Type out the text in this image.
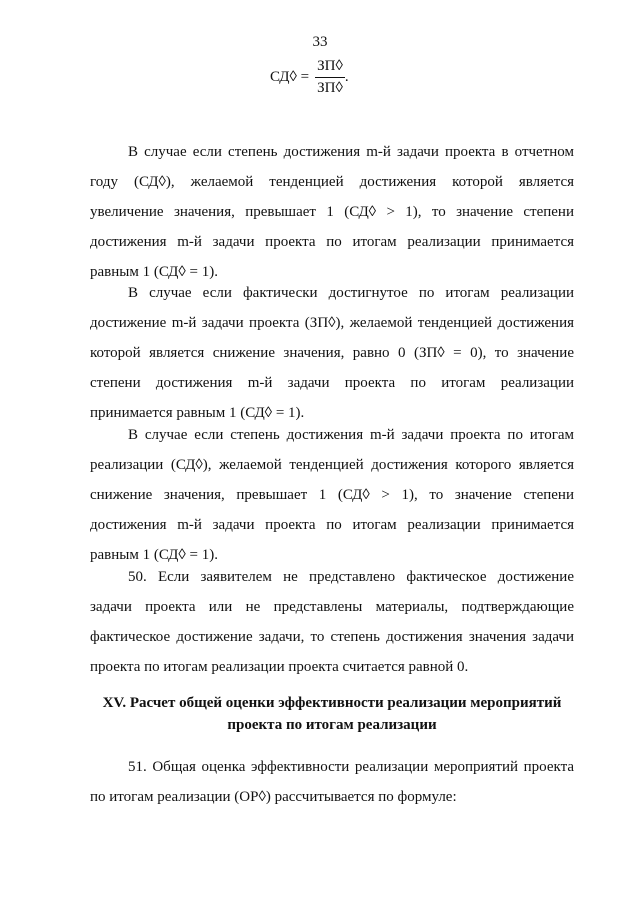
33
СД◊ = $\frac{ЗП◊}{ЗП◊}$ .

В случае если степень достижения m-й задачи проекта в отчетном году (СД◊), желаемой тенденцией достижения которой является увеличение значения, превышает 1 (СД◊ > 1), то значение степени достижения m-й задачи проекта по итогам реализации принимается равным 1 (СД◊ = 1).

В случае если фактически достигнутое по итогам реализации достижение m-й задачи проекта (ЗП◊), желаемой тенденцией достижения которой является снижение значения, равно 0 (ЗП◊ = 0), то значение степени достижения m-й задачи проекта по итогам реализации принимается равным 1 (СД◊ = 1).

В случае если степень достижения m-й задачи проекта по итогам реализации (СД◊), желаемой тенденцией достижения которого является снижение значения, превышает 1 (СД◊ > 1), то значение степени достижения m-й задачи проекта по итогам реализации принимается равным 1 (СД◊ = 1).

50. Если заявителем не представлено фактическое достижение задачи проекта или не представлены материалы, подтверждающие фактическое достижение задачи, то степень достижения значения задачи проекта по итогам реализации проекта считается равной 0.

XV. Расчет общей оценки эффективности реализации мероприятий
проекта по итогам реализации

51. Общая оценка эффективности реализации мероприятий проекта по итогам реализации (ОР◊) рассчитывается по формуле:
